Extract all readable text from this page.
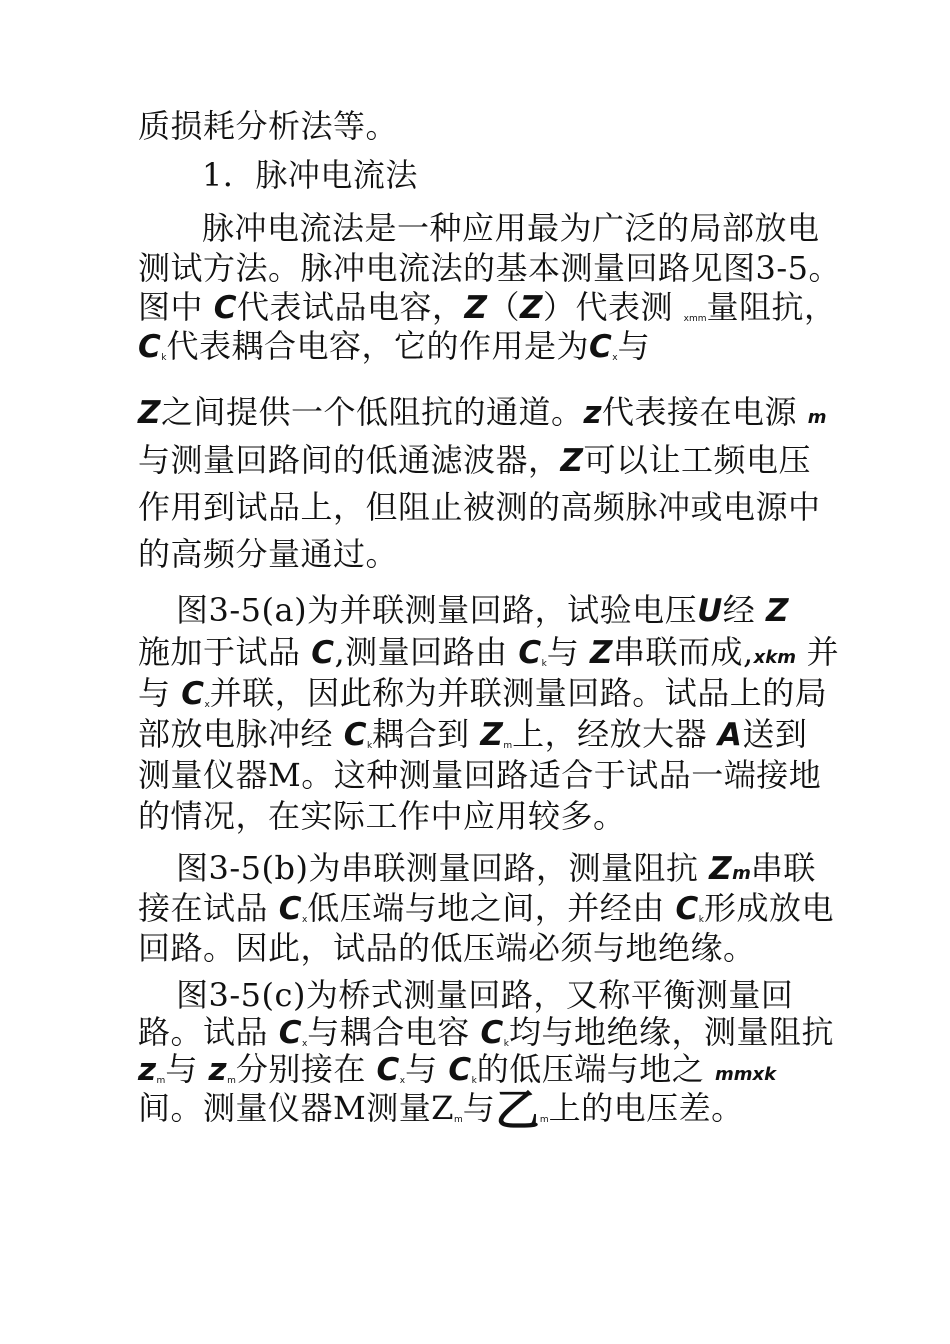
质损耗分析法等。

1．脉冲电流法

脉冲电流法是一种应用最为广泛的局部放电

测试方法。脉冲电流法的基本测量回路见图3-5。

图中 C代表试品电容，Z（Z）代表测 $_{xmm}$量阻抗，

$C_k$代表耦合电容，它的作用是为$C_x$与

Z之间提供一个低阻抗的通道。z代表接在电源 m

与测量回路间的低通滤波器，Z可以让工频电压

作用到试品上，但阻止被测的高频脉冲或电源中

的高频分量通过。

图3-5(a)为并联测量回路，试验电压U经 Z

施加于试品 C,测量回路由 $C_k$与 Z串联而成,xkm 并

与 $C_x$并联，因此称为并联测量回路。试品上的局

部放电脉冲经 $C_k$耦合到 $Z_m$上，经放大器 A送到

测量仪器M。这种测量回路适合于试品一端接地

的情况，在实际工作中应用较多。

图3-5(b)为串联测量回路，测量阻抗 Zm串联

接在试品 $C_x$低压端与地之间，并经由 $C_k$形成放电

回路。因此，试品的低压端必须与地绝缘。

图3-5(c)为桥式测量回路，又称平衡测量回

路。试品 $C_x$与耦合电容 $C_k$均与地绝缘，测量阻抗

$z_m$与 $z_m$分别接在 $C_x$与 $C_k$的低压端与地之 mmxk

间。测量仪器M测量$Z_m$与乙$_m$上的电压差。
